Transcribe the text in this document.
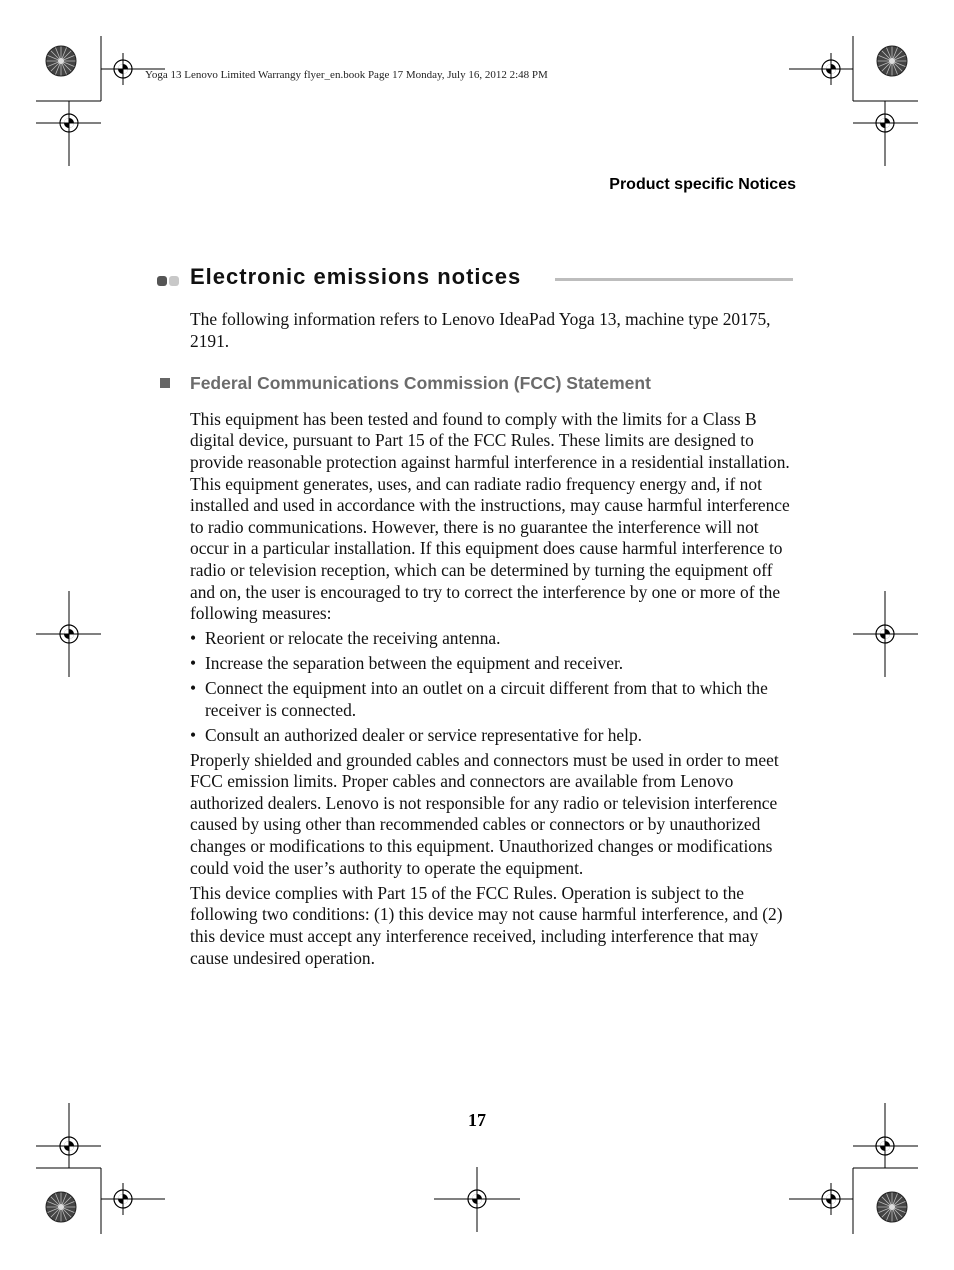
Yoga 13 Lenovo Limited Warrangy flyer_en.book Page 17 Monday, July 16, 2012 2:48 PM
Product specific Notices
Electronic emissions notices

The following information refers to Lenovo IdeaPad Yoga 13, machine type 20175, 2191.

Federal Communications Commission (FCC) Statement

This equipment has been tested and found to comply with the limits for a Class B digital device, pursuant to Part 15 of the FCC Rules. These limits are designed to provide reasonable protection against harmful interference in a residential installation. This equipment generates, uses, and can radiate radio frequency energy and, if not installed and used in accordance with the instructions, may cause harmful interference to radio communications. However, there is no guarantee the interference will not occur in a particular installation. If this equipment does cause harmful interference to radio or television reception, which can be determined by turning the equipment off and on, the user is encouraged to try to correct the interference by one or more of the following measures:

• Reorient or relocate the receiving antenna.
• Increase the separation between the equipment and receiver.
• Connect the equipment into an outlet on a circuit different from that to which the receiver is connected.
• Consult an authorized dealer or service representative for help.

Properly shielded and grounded cables and connectors must be used in order to meet FCC emission limits. Proper cables and connectors are available from Lenovo authorized dealers. Lenovo is not responsible for any radio or television interference caused by using other than recommended cables or connectors or by unauthorized changes or modifications to this equipment. Unauthorized changes or modifications could void the user’s authority to operate the equipment.

This device complies with Part 15 of the FCC Rules. Operation is subject to the following two conditions: (1) this device may not cause harmful interference, and (2) this device must accept any interference received, including interference that may cause undesired operation.

17
